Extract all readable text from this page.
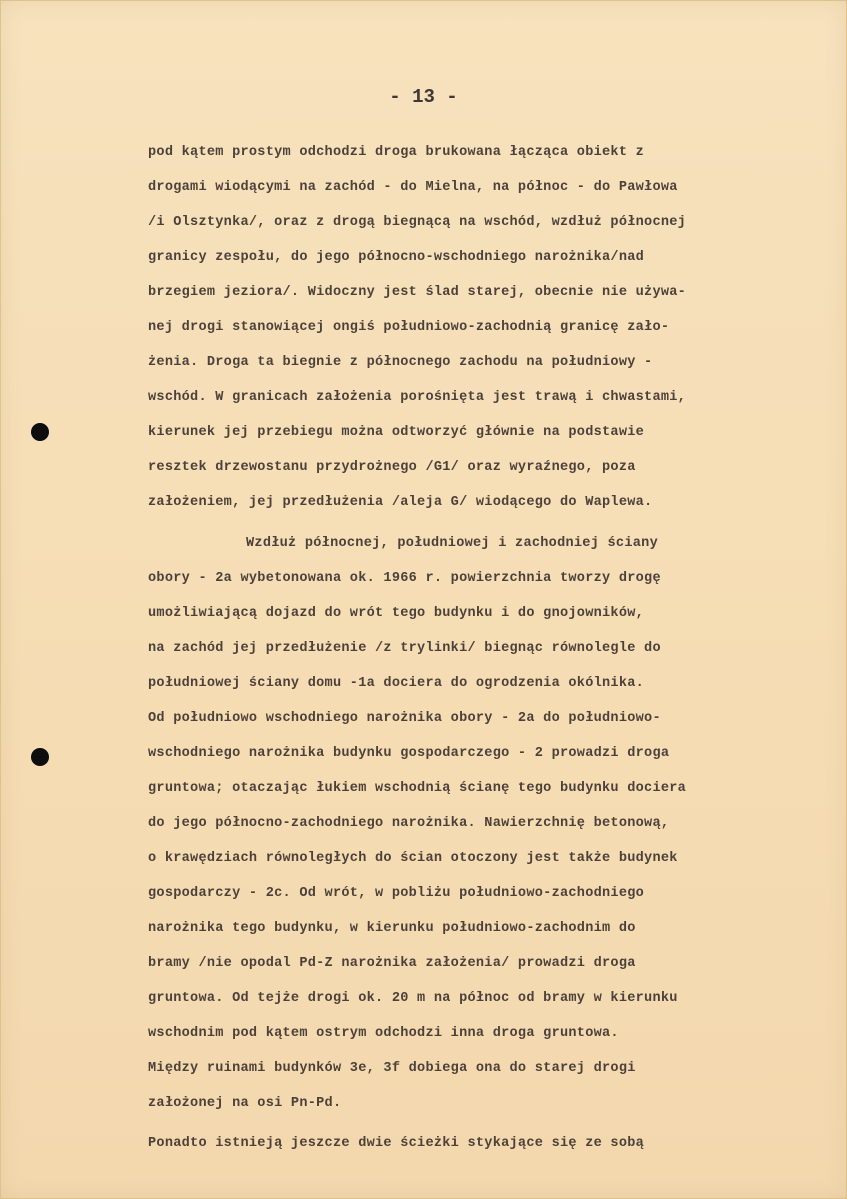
- 13 -
pod kątem prostym odchodzi droga brukowana łącząca obiekt z
drogami wiodącymi na zachód - do Mielna, na północ - do Pawłowa
/i Olsztynka/, oraz z drogą biegnącą na wschód, wzdłuż północnej
granicy zespołu, do jego północno-wschodniego narożnika/nad
brzegiem jeziora/. Widoczny jest ślad starej, obecnie nie używa-
nej drogi stanowiącej ongiś południowo-zachodnią granicę zało-
żenia. Droga ta biegnie z północnego zachodu na południowy -
wschód. W granicach założenia porośnięta jest trawą i chwastami,
kierunek jej przebiegu można odtworzyć głównie na podstawie
resztek drzewostanu przydrożnego /G1/ oraz wyraźnego, poza
założeniem, jej przedłużenia /aleja G/ wiodącego do Waplewa.
Wzdłuż północnej, południowej i zachodniej ściany
obory - 2a wybetonowana ok. 1966 r. powierzchnia tworzy drogę
umożliwiającą dojazd do wrót tego budynku i do gnojowników,
na zachód jej przedłużenie /z trylinki/ biegnąc równolegle do
południowej ściany domu -1a dociera do ogrodzenia okólnika.
Od południowo wschodniego narożnika obory - 2a do południowo-
wschodniego narożnika budynku gospodarczego - 2 prowadzi droga
gruntowa; otaczając łukiem wschodnią ścianę tego budynku dociera
do jego północno-zachodniego narożnika. Nawierzchnię betonową,
o krawędziach równoległych do ścian otoczony jest także budynek
gospodarczy - 2c. Od wrót, w pobliżu południowo-zachodniego
narożnika tego budynku, w kierunku południowo-zachodnim do
bramy /nie opodal Pd-Z narożnika założenia/ prowadzi droga
gruntowa. Od tejże drogi ok. 20 m na północ od bramy w kierunku
wschodnim pod kątem ostrym odchodzi inna droga gruntowa.
Między ruinami budynków 3e, 3f dobiega ona do starej drogi
założonej na osi Pn-Pd.
Ponadto istnieją jeszcze dwie ścieżki stykające się ze sobą
